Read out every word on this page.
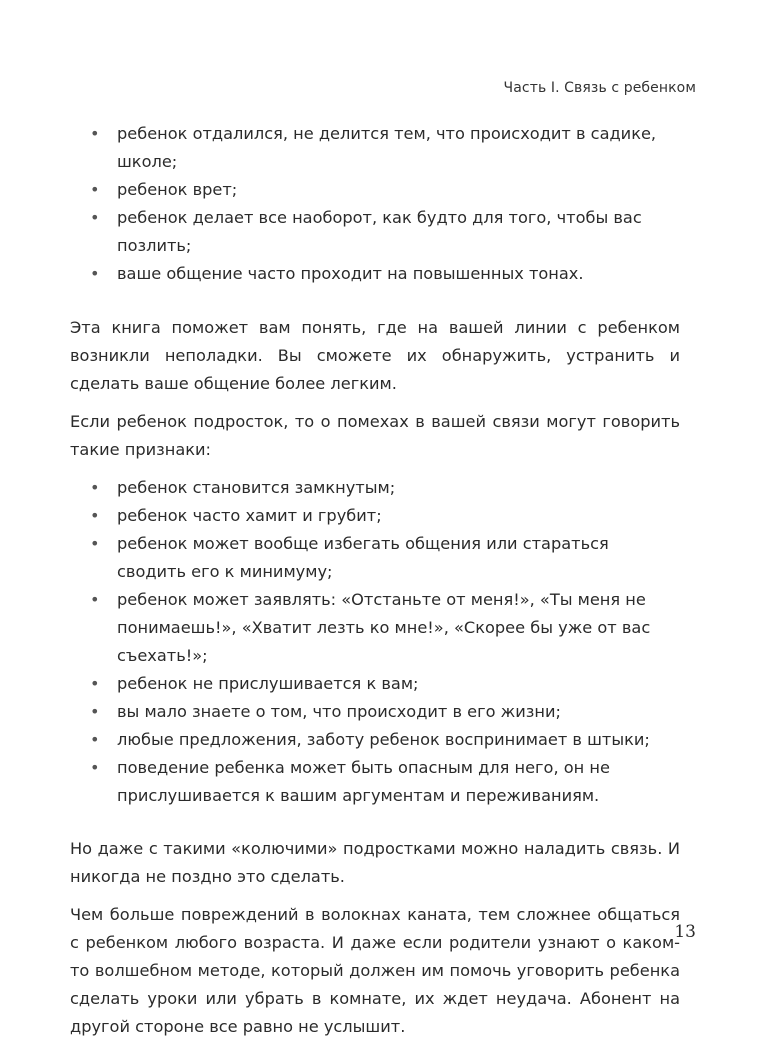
Часть I. Связь с ребенком
• ребенок отдалился, не делится тем, что происходит в садике, школе;
• ребенок врет;
• ребенок делает все наоборот, как будто для того, чтобы вас позлить;
• ваше общение часто проходит на повышенных тонах.

Эта книга поможет вам понять, где на вашей линии с ребенком возникли неполадки. Вы сможете их обнаружить, устранить и сделать ваше общение более легким.

Если ребенок подросток, то о помехах в вашей связи могут говорить такие признаки:

• ребенок становится замкнутым;
• ребенок часто хамит и грубит;
• ребенок может вообще избегать общения или стараться сводить его к минимуму;
• ребенок может заявлять: «Отстаньте от меня!», «Ты меня не понимаешь!», «Хватит лезть ко мне!», «Скорее бы уже от вас съехать!»;
• ребенок не прислушивается к вам;
• вы мало знаете о том, что происходит в его жизни;
• любые предложения, заботу ребенок воспринимает в штыки;
• поведение ребенка может быть опасным для него, он не прислушивается к вашим аргументам и переживаниям.

Но даже с такими «колючими» подростками можно наладить связь. И никогда не поздно это сделать.

Чем больше повреждений в волокнах каната, тем сложнее общаться с ребенком любого возраста. И даже если родители узнают о каком-то волшебном методе, который должен им помочь уговорить ребенка сделать уроки или убрать в комнате, их ждет неудача. Абонент на другой стороне все равно не услышит.

13
